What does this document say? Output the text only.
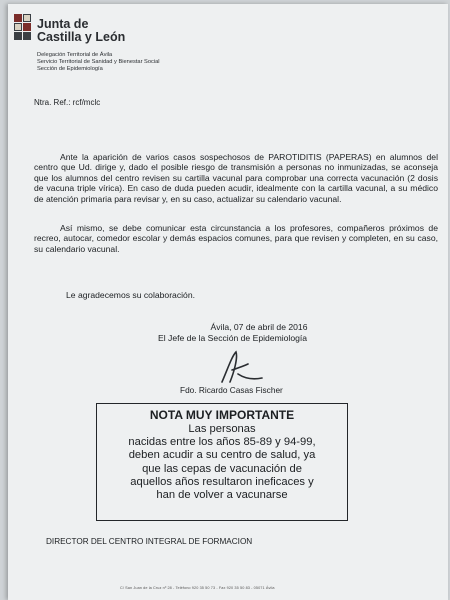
Junta de
Castilla y León
Delegación Territorial de Ávila
Servicio Territorial de Sanidad y Bienestar Social
Sección de Epidemiología
Ntra. Ref.: rcf/mclc
Ante la aparición de varios casos sospechosos de PAROTIDITIS (PAPERAS) en alumnos del centro que Ud. dirige y, dado el posible riesgo de transmisión a personas no inmunizadas, se aconseja que los alumnos del centro revisen su cartilla vacunal para comprobar una correcta vacunación (2 dosis de vacuna triple vírica). En caso de duda pueden acudir, idealmente con la cartilla vacunal, a su médico de atención primaria para revisar y, en su caso, actualizar su calendario vacunal.
Así mismo, se debe comunicar esta circunstancia a los profesores, compañeros próximos de recreo, autocar, comedor escolar y demás espacios comunes, para que revisen y completen, en su caso, su calendario vacunal.
Le agradecemos su colaboración.
Ávila, 07 de abril de 2016
El Jefe de la Sección de Epidemiología
Fdo. Ricardo Casas Fischer
NOTA MUY IMPORTANTE
Las personas
nacidas entre los años 85-89 y 94-99,
deben acudir a su centro de salud, ya
que las cepas de vacunación de
aquellos años resultaron ineficaces y
han de volver a vacunarse
DIRECTOR DEL CENTRO INTEGRAL DE FORMACION
C/ San Juan de la Cruz nº 28 - Teléfono 920 35 50 73 - Fax 920 35 50 83 - 05071 Ávila
